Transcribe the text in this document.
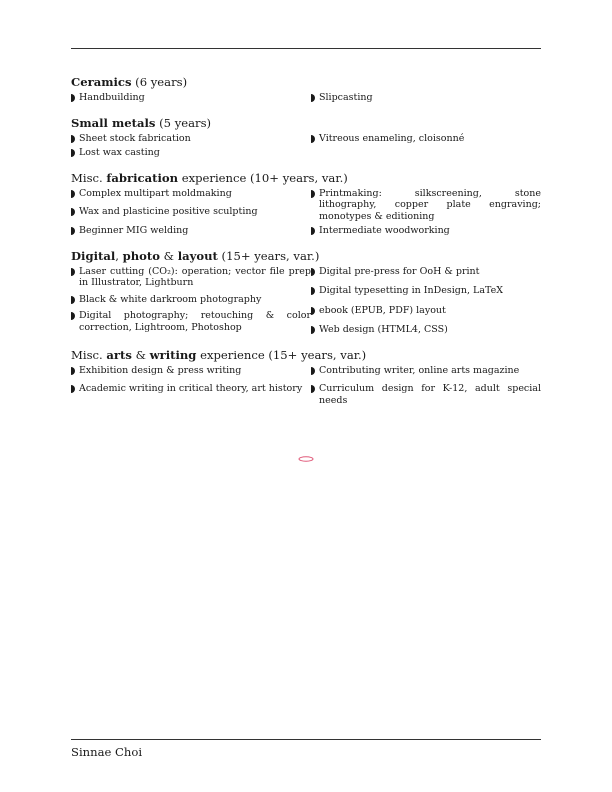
Ceramics (6 years)
Handbuilding	Slipcasting
Small metals (5 years)
Sheet stock fabrication	Vitreous enameling, cloisonné
Lost wax casting
Misc. fabrication experience (10+ years, var.)
Complex multipart moldmaking	Printmaking: silkscreening, stone lithography, copper plate engraving; monotypes & editioning
Wax and plasticine positive sculpting
Beginner MIG welding	Intermediate woodworking
Digital, photo & layout (15+ years, var.)
Laser cutting (CO₂): operation; vector file prep in Illustrator, Lightburn
Black & white darkroom photography
Digital photography; retouching & color correction, Lightroom, Photoshop
Digital pre-press for OoH & print
Digital typesetting in InDesign, LaTeX
ebook (EPUB, PDF) layout
Web design (HTML4, CSS)
Misc. arts & writing experience (15+ years, var.)
Exhibition design & press writing	Contributing writer, online arts magazine
Academic writing in critical theory, art history Curriculum design for K-12, adult special needs
Sinnae Choi
